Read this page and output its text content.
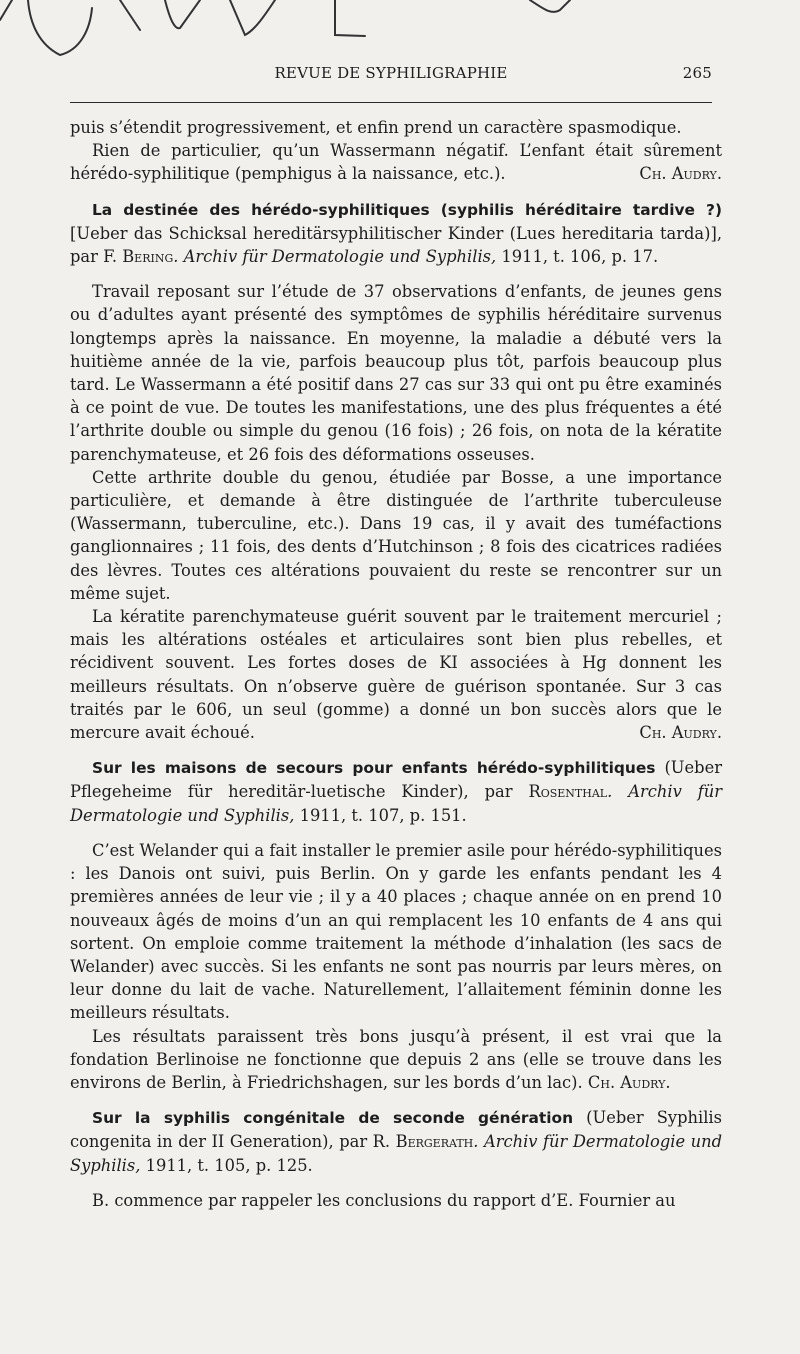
REVUE DE SYPHILIGRAPHIE	265

puis s’étendit progressivement, et enfin prend un caractère spasmodique.

Rien de particulier, qu’un Wassermann négatif. L’enfant était sûrement hérédo-syphilitique (pemphigus à la naissance, etc.).	Ch. Audry.

La destinée des hérédo-syphilitiques (syphilis héréditaire tardive ?) [Ueber das Schicksal hereditärsyphilitischer Kinder (Lues hereditaria tarda)], par F. Bering. Archiv für Dermatologie und Syphilis, 1911, t. 106, p. 17.

Travail reposant sur l’étude de 37 observations d’enfants, de jeunes gens ou d’adultes ayant présenté des symptômes de syphilis héréditaire survenus longtemps après la naissance. En moyenne, la maladie a débuté vers la huitième année de la vie, parfois beaucoup plus tôt, parfois beaucoup plus tard. Le Wassermann a été positif dans 27 cas sur 33 qui ont pu être examinés à ce point de vue. De toutes les manifestations, une des plus fréquentes a été l’arthrite double ou simple du genou (16 fois) ; 26 fois, on nota de la kératite parenchymateuse, et 26 fois des déformations osseuses.

Cette arthrite double du genou, étudiée par Bosse, a une importance particulière, et demande à être distinguée de l’arthrite tuberculeuse (Wassermann, tuberculine, etc.). Dans 19 cas, il y avait des tuméfactions ganglionnaires ; 11 fois, des dents d’Hutchinson ; 8 fois des cicatrices radiées des lèvres. Toutes ces altérations pouvaient du reste se rencontrer sur un même sujet.

La kératite parenchymateuse guérit souvent par le traitement mercuriel ; mais les altérations ostéales et articulaires sont bien plus rebelles, et récidivent souvent. Les fortes doses de KI associées à Hg donnent les meilleurs résultats. On n’observe guère de guérison spontanée. Sur 3 cas traités par le 606, un seul (gomme) a donné un bon succès alors que le mercure avait échoué.	Ch. Audry.

Sur les maisons de secours pour enfants hérédo-syphilitiques (Ueber Pflegeheime für hereditär-luetische Kinder), par Rosenthal. Archiv für Dermatologie und Syphilis, 1911, t. 107, p. 151.

C’est Welander qui a fait installer le premier asile pour hérédo-syphilitiques : les Danois ont suivi, puis Berlin. On y garde les enfants pendant les 4 premières années de leur vie ; il y a 40 places ; chaque année on en prend 10 nouveaux âgés de moins d’un an qui remplacent les 10 enfants de 4 ans qui sortent. On emploie comme traitement la méthode d’inhalation (les sacs de Welander) avec succès. Si les enfants ne sont pas nourris par leurs mères, on leur donne du lait de vache. Naturellement, l’allaitement féminin donne les meilleurs résultats.

Les résultats paraissent très bons jusqu’à présent, il est vrai que la fondation Berlinoise ne fonctionne que depuis 2 ans (elle se trouve dans les environs de Berlin, à Friedrichshagen, sur les bords d’un lac). Ch. Audry.

Sur la syphilis congénitale de seconde génération (Ueber Syphilis congenita in der II Generation), par R. Bergerath. Archiv für Dermatologie und Syphilis, 1911, t. 105, p. 125.

B. commence par rappeler les conclusions du rapport d’E. Fournier au
